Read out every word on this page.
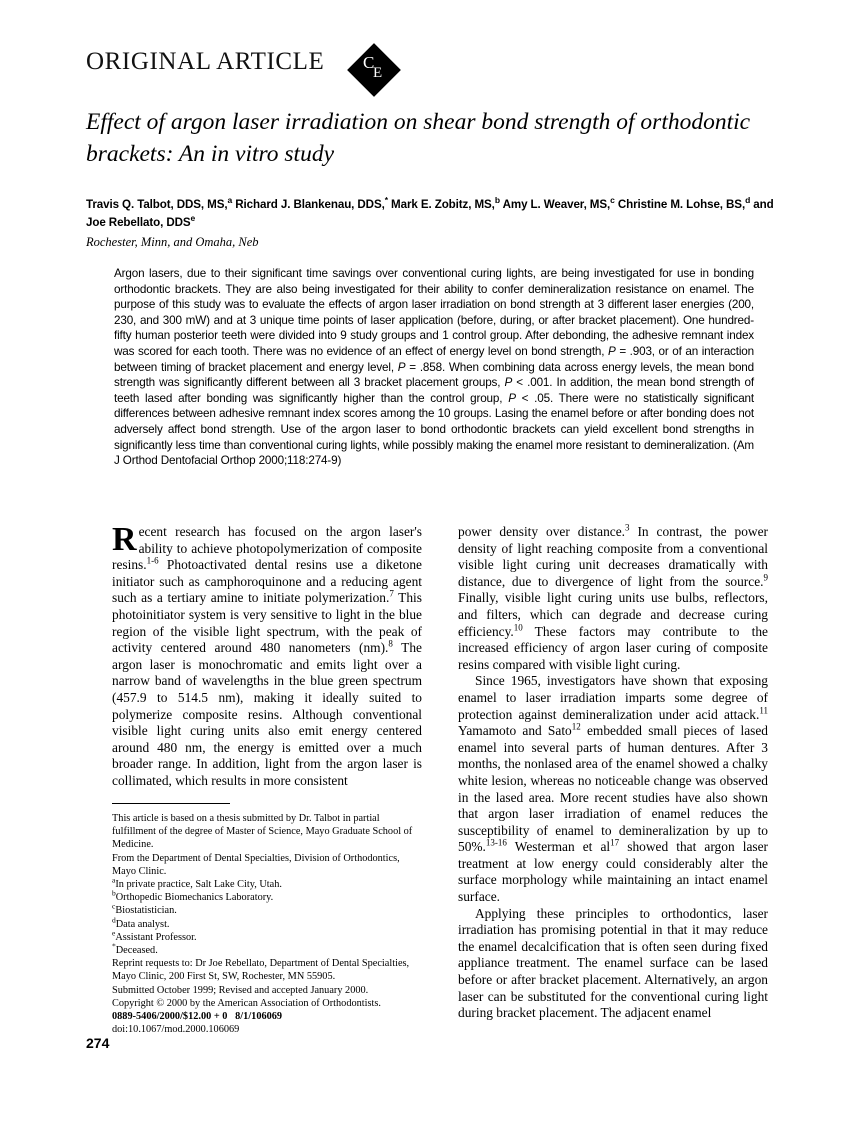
ORIGINAL ARTICLE C
E
Effect of argon laser irradiation on shear bond strength of orthodontic brackets: An in vitro study
Travis Q. Talbot, DDS, MS,$^a$ Richard J. Blankenau, DDS,* Mark E. Zobitz, MS,$^b$ Amy L. Weaver, MS,$^c$ Christine M. Lohse, BS,$^d$ and Joe Rebellato, DDS$^e$
Rochester, Minn, and Omaha, Neb
Argon lasers, due to their significant time savings over conventional curing lights, are being investigated for use in bonding orthodontic brackets. They are also being investigated for their ability to confer demineralization resistance on enamel. The purpose of this study was to evaluate the effects of argon laser irradiation on bond strength at 3 different laser energies (200, 230, and 300 mW) and at 3 unique time points of laser application (before, during, or after bracket placement). One hundred-fifty human posterior teeth were divided into 9 study groups and 1 control group. After debonding, the adhesive remnant index was scored for each tooth. There was no evidence of an effect of energy level on bond strength, P = .903, or of an interaction between timing of bracket placement and energy level, P = .858. When combining data across energy levels, the mean bond strength was significantly different between all 3 bracket placement groups, P < .001. In addition, the mean bond strength of teeth lased after bonding was significantly higher than the control group, P < .05. There were no statistically significant differences between adhesive remnant index scores among the 10 groups. Lasing the enamel before or after bonding does not adversely affect bond strength. Use of the argon laser to bond orthodontic brackets can yield excellent bond strengths in significantly less time than conventional curing lights, while possibly making the enamel more resistant to demineralization. (Am J Orthod Dentofacial Orthop 2000;118:274-9)

Recent research has focused on the argon laser's ability to achieve photopolymerization of composite resins.$^{1-6}$ Photoactivated dental resins use a diketone initiator such as camphoroquinone and a reducing agent such as a tertiary amine to initiate polymerization.$^7$ This photoinitiator system is very sensitive to light in the blue region of the visible light spectrum, with the peak of activity centered around 480 nanometers (nm).$^8$ The argon laser is monochromatic and emits light over a narrow band of wavelengths in the blue green spectrum (457.9 to 514.5 nm), making it ideally suited to polymerize composite resins. Although conventional visible light curing units also emit energy centered around 480 nm, the energy is emitted over a much broader range. In addition, light from the argon laser is collimated, which results in more consistent

power density over distance.$^3$ In contrast, the power density of light reaching composite from a conventional visible light curing unit decreases dramatically with distance, due to divergence of light from the source.$^9$ Finally, visible light curing units use bulbs, reflectors, and filters, which can degrade and decrease curing efficiency.$^{10}$ These factors may contribute to the increased efficiency of argon laser curing of composite resins compared with visible light curing.

Since 1965, investigators have shown that exposing enamel to laser irradiation imparts some degree of protection against demineralization under acid attack.$^{11}$ Yamamoto and Sato$^{12}$ embedded small pieces of lased enamel into several parts of human dentures. After 3 months, the nonlased area of the enamel showed a chalky white lesion, whereas no noticeable change was observed in the lased area. More recent studies have also shown that argon laser irradiation of enamel reduces the susceptibility of enamel to demineralization by up to 50%.$^{13-16}$ Westerman et $al^{17}$ showed that argon laser treatment at low energy could considerably alter the surface morphology while maintaining an intact enamel surface.

Applying these principles to orthodontics, laser irradiation has promising potential in that it may reduce the enamel decalcification that is often seen during fixed appliance treatment. The enamel surface can be lased before or after bracket placement. Alternatively, an argon laser can be substituted for the conventional curing light during bracket placement. The adjacent enamel

This article is based on a thesis submitted by Dr. Talbot in partial fulfillment of the degree of Master of Science, Mayo Graduate School of Medicine.
From the Department of Dental Specialties, Division of Orthodontics, Mayo Clinic.
$^a$In private practice, Salt Lake City, Utah.
$^b$Orthopedic Biomechanics Laboratory.
$^c$Biostatistician.
$^d$Data analyst.
$^e$Assistant Professor.
*Deceased.
Reprint requests to: Dr Joe Rebellato, Department of Dental Specialties, Mayo Clinic, 200 First St, SW, Rochester, MN 55905.
Submitted October 1999; Revised and accepted January 2000.
Copyright © 2000 by the American Association of Orthodontists.
0889-5406/2000/$12.00 + 0 8/1/106069
doi:10.1067/mod.2000.106069
274
